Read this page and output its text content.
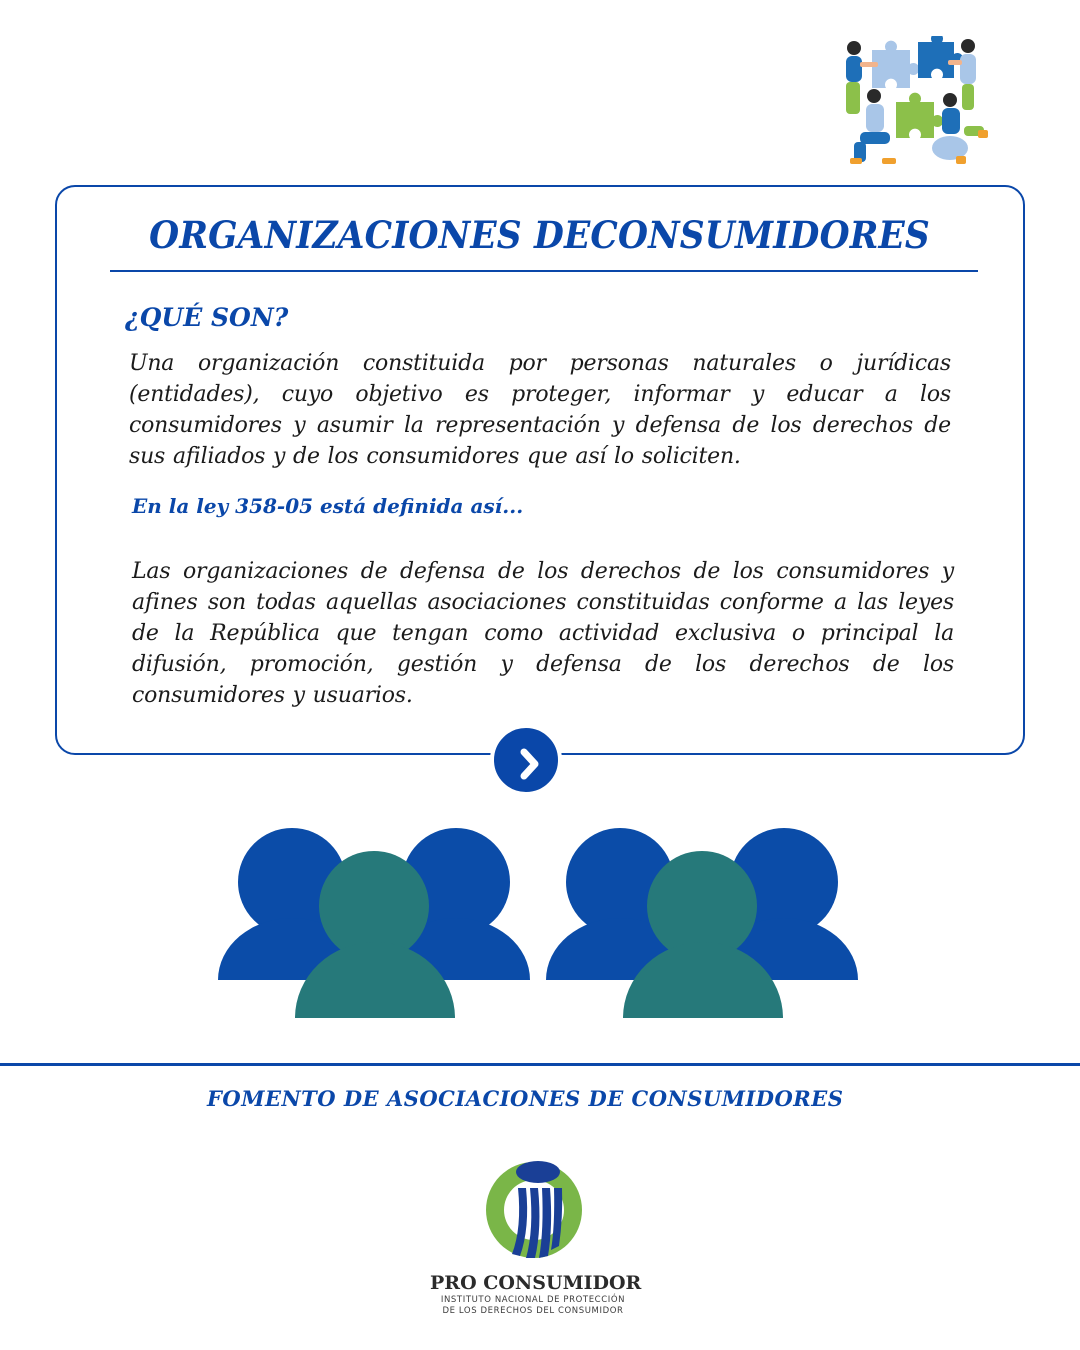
ORGANIZACIONES DECONSUMIDORES
¿QUÉ SON?

Una organización constituida por personas naturales o jurídicas (entidades), cuyo objetivo es proteger, informar y educar a los consumidores y asumir la representación y defensa de los derechos de sus afiliados y de los consumidores que así lo soliciten.

En la ley 358-05 está definida así...

Las organizaciones de defensa de los derechos de los consumidores y afines son todas aquellas asociaciones constituidas conforme a las leyes de la República que tengan como actividad exclusiva o principal la difusión, promoción, gestión y defensa de los derechos de los consumidores y usuarios.

FOMENTO DE ASOCIACIONES DE CONSUMIDORES

PRO CONSUMIDOR

INSTITUTO NACIONAL DE PROTECCIÓN

DE LOS DERECHOS DEL CONSUMIDOR
